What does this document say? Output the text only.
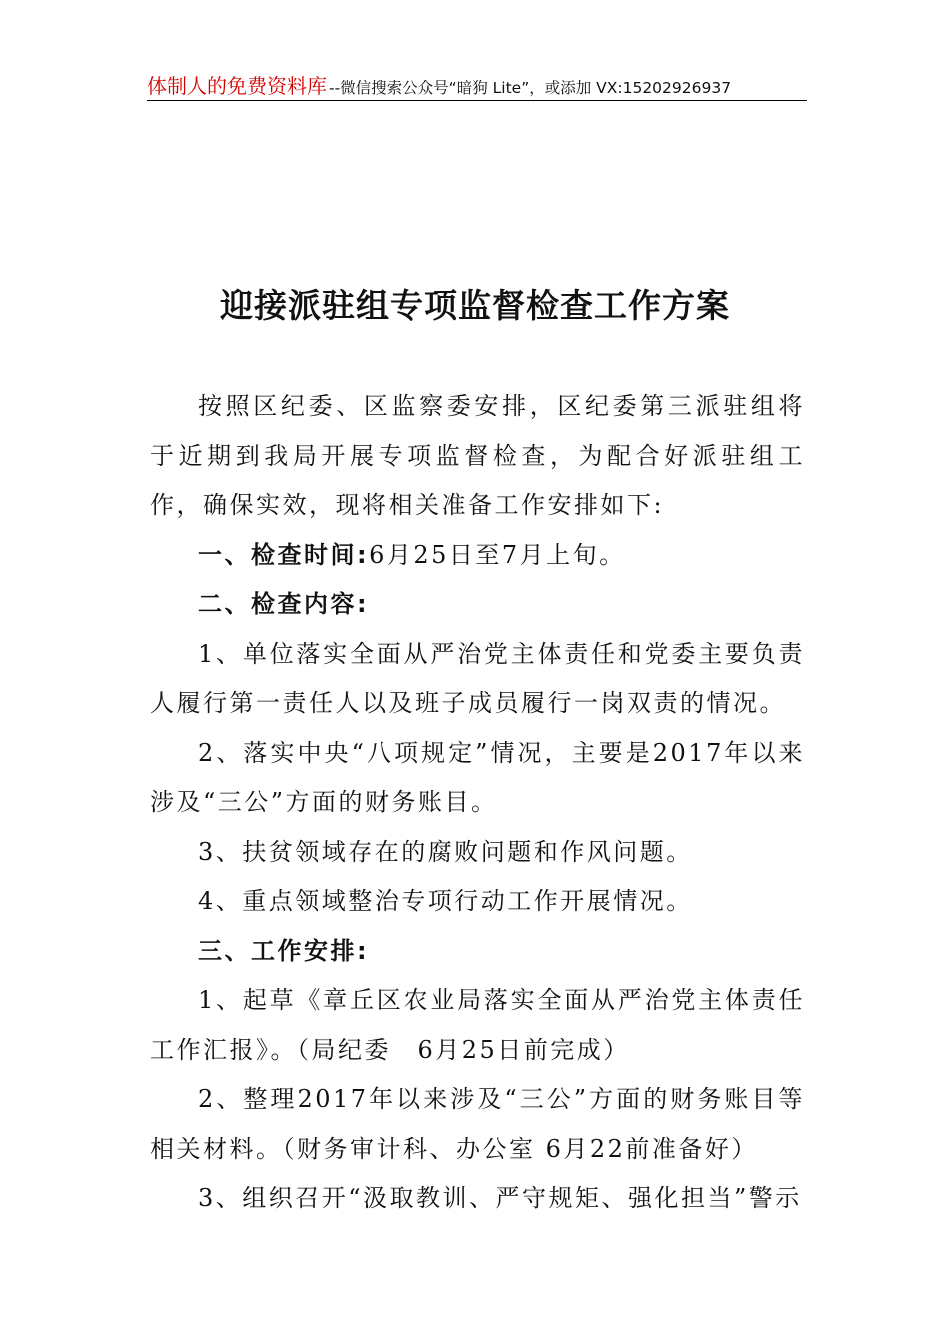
体制人的免费资料库 --微信搜索公众号“暗狗 Lite”，或添加 VX:15202926937
迎接派驻组专项监督检查工作方案

按照区纪委、区监察委安排，区纪委第三派驻组将于近期到我局开展专项监督检查，为配合好派驻组工作，确保实效，现将相关准备工作安排如下:

一、检查时间:6月25日至7月上旬。

二、检查内容:

1、单位落实全面从严治党主体责任和党委主要负责人履行第一责任人以及班子成员履行一岗双责的情况。

2、落实中央“八项规定”情况，主要是2017年以来涉及“三公”方面的财务账目。

3、扶贫领域存在的腐败问题和作风问题。

4、重点领域整治专项行动工作开展情况。

三、工作安排:

1、起草《章丘区农业局落实全面从严治党主体责任工作汇报》。（局纪委　6月25日前完成）

2、整理2017年以来涉及“三公”方面的财务账目等相关材料。（财务审计科、办公室 6月22前准备好）

3、组织召开“汲取教训、严守规矩、强化担当”警示
